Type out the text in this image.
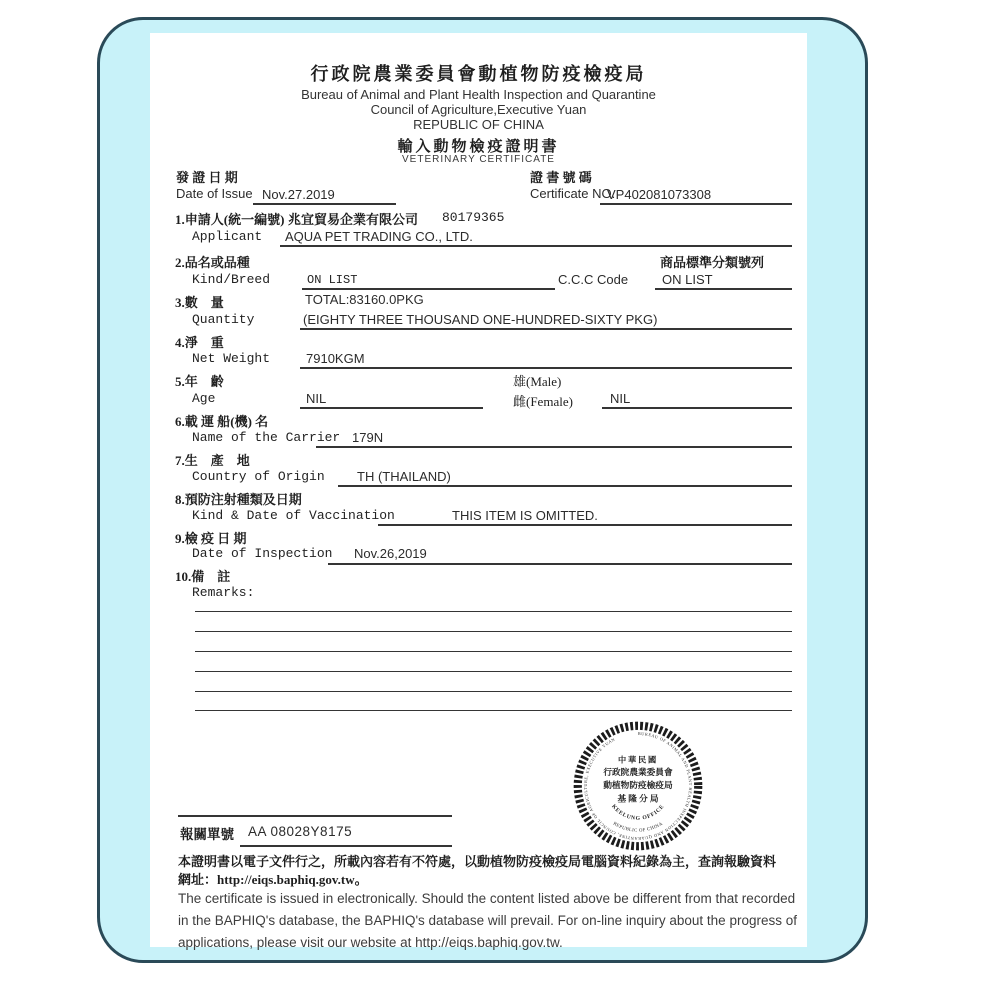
行政院農業委員會動植物防疫檢疫局
Bureau of Animal and Plant Health Inspection and Quarantine
Council of Agriculture,Executive Yuan
REPUBLIC OF CHINA
輸入動物檢疫證明書
VETERINARY CERTIFICATE
發 證 日 期
Date of Issue Nov.27.2019
證 書 號 碼
Certificate NO.
VP402081073308
1.申請人(統一編號) 兆宜貿易企業有限公司 80179365
Applicant AQUA PET TRADING CO., LTD.
2.品名或品種	商品標準分類號列
Kind/Breed	ON LIST	C.C.C Code	ON LIST
3.數　量	TOTAL:83160.0PKG
Quantity	(EIGHTY THREE THOUSAND ONE-HUNDRED-SIXTY PKG)
4.淨　重
Net Weight	7910KGM
5.年　齡	雄(Male)
Age	NIL	雌(Female)	NIL
6.載 運 船(機) 名
Name of the Carrier 179N
7.生　產　地
Country of Origin TH (THAILAND)
8.預防注射種類及日期
Kind & Date of Vaccination	THIS ITEM IS OMITTED.
9.檢 疫 日 期
Date of Inspection Nov.26,2019
10.備　註
Remarks:
BUREAU OF ANIMAL AND PLANT HEALTH INSPECTION AND QUARANTINE, COUNCIL OF AGRICULTURE, EXECUTIVE YUAN
中華民國
行政院農業委員會
動植物防疫檢疫局
基 隆 分 局
KEELUNG OFFICE
REPUBLIC OF CHINA
報關單號 AA 08028Y8175
本證明書以電子文件行之，所載內容若有不符處，以動植物防疫檢疫局電腦資料紀錄為主，查詢報驗資料
網址：http://eiqs.baphiq.gov.tw。
The certificate is issued in electronically. Should the content listed above be different from that recorded
in the BAPHIQ's database, the BAPHIQ's database will prevail. For on-line inquiry about the progress of
applications, please visit our website at http://eiqs.baphiq.gov.tw.
